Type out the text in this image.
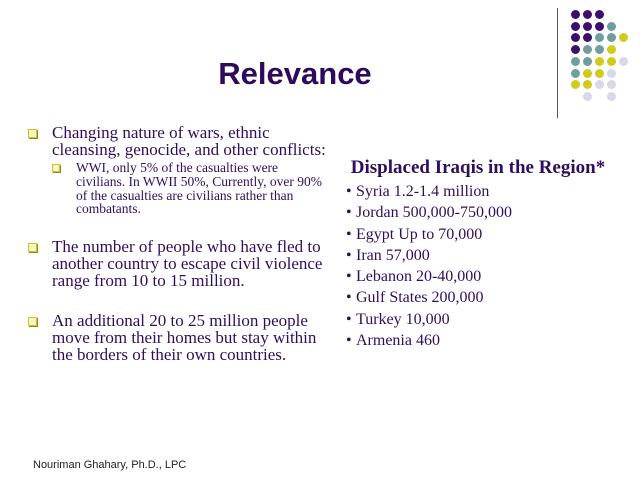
Relevance
Changing nature of wars, ethnic cleansing, genocide, and other conflicts:
WWI, only 5% of the casualties were civilians. In WWII 50%, Currently, over 90% of the casualties are civilians rather than combatants.
The number of people who have fled to another country to escape civil violence range from 10 to 15 million.
An additional 20 to 25 million people move from their homes but stay within the borders of their own countries.
Displaced Iraqis in the Region*
• Syria 1.2-1.4 million
• Jordan 500,000-750,000
• Egypt Up to 70,000
• Iran 57,000
• Lebanon 20-40,000
• Gulf States 200,000
• Turkey 10,000
• Armenia 460
Nouriman Ghahary, Ph.D., LPC
